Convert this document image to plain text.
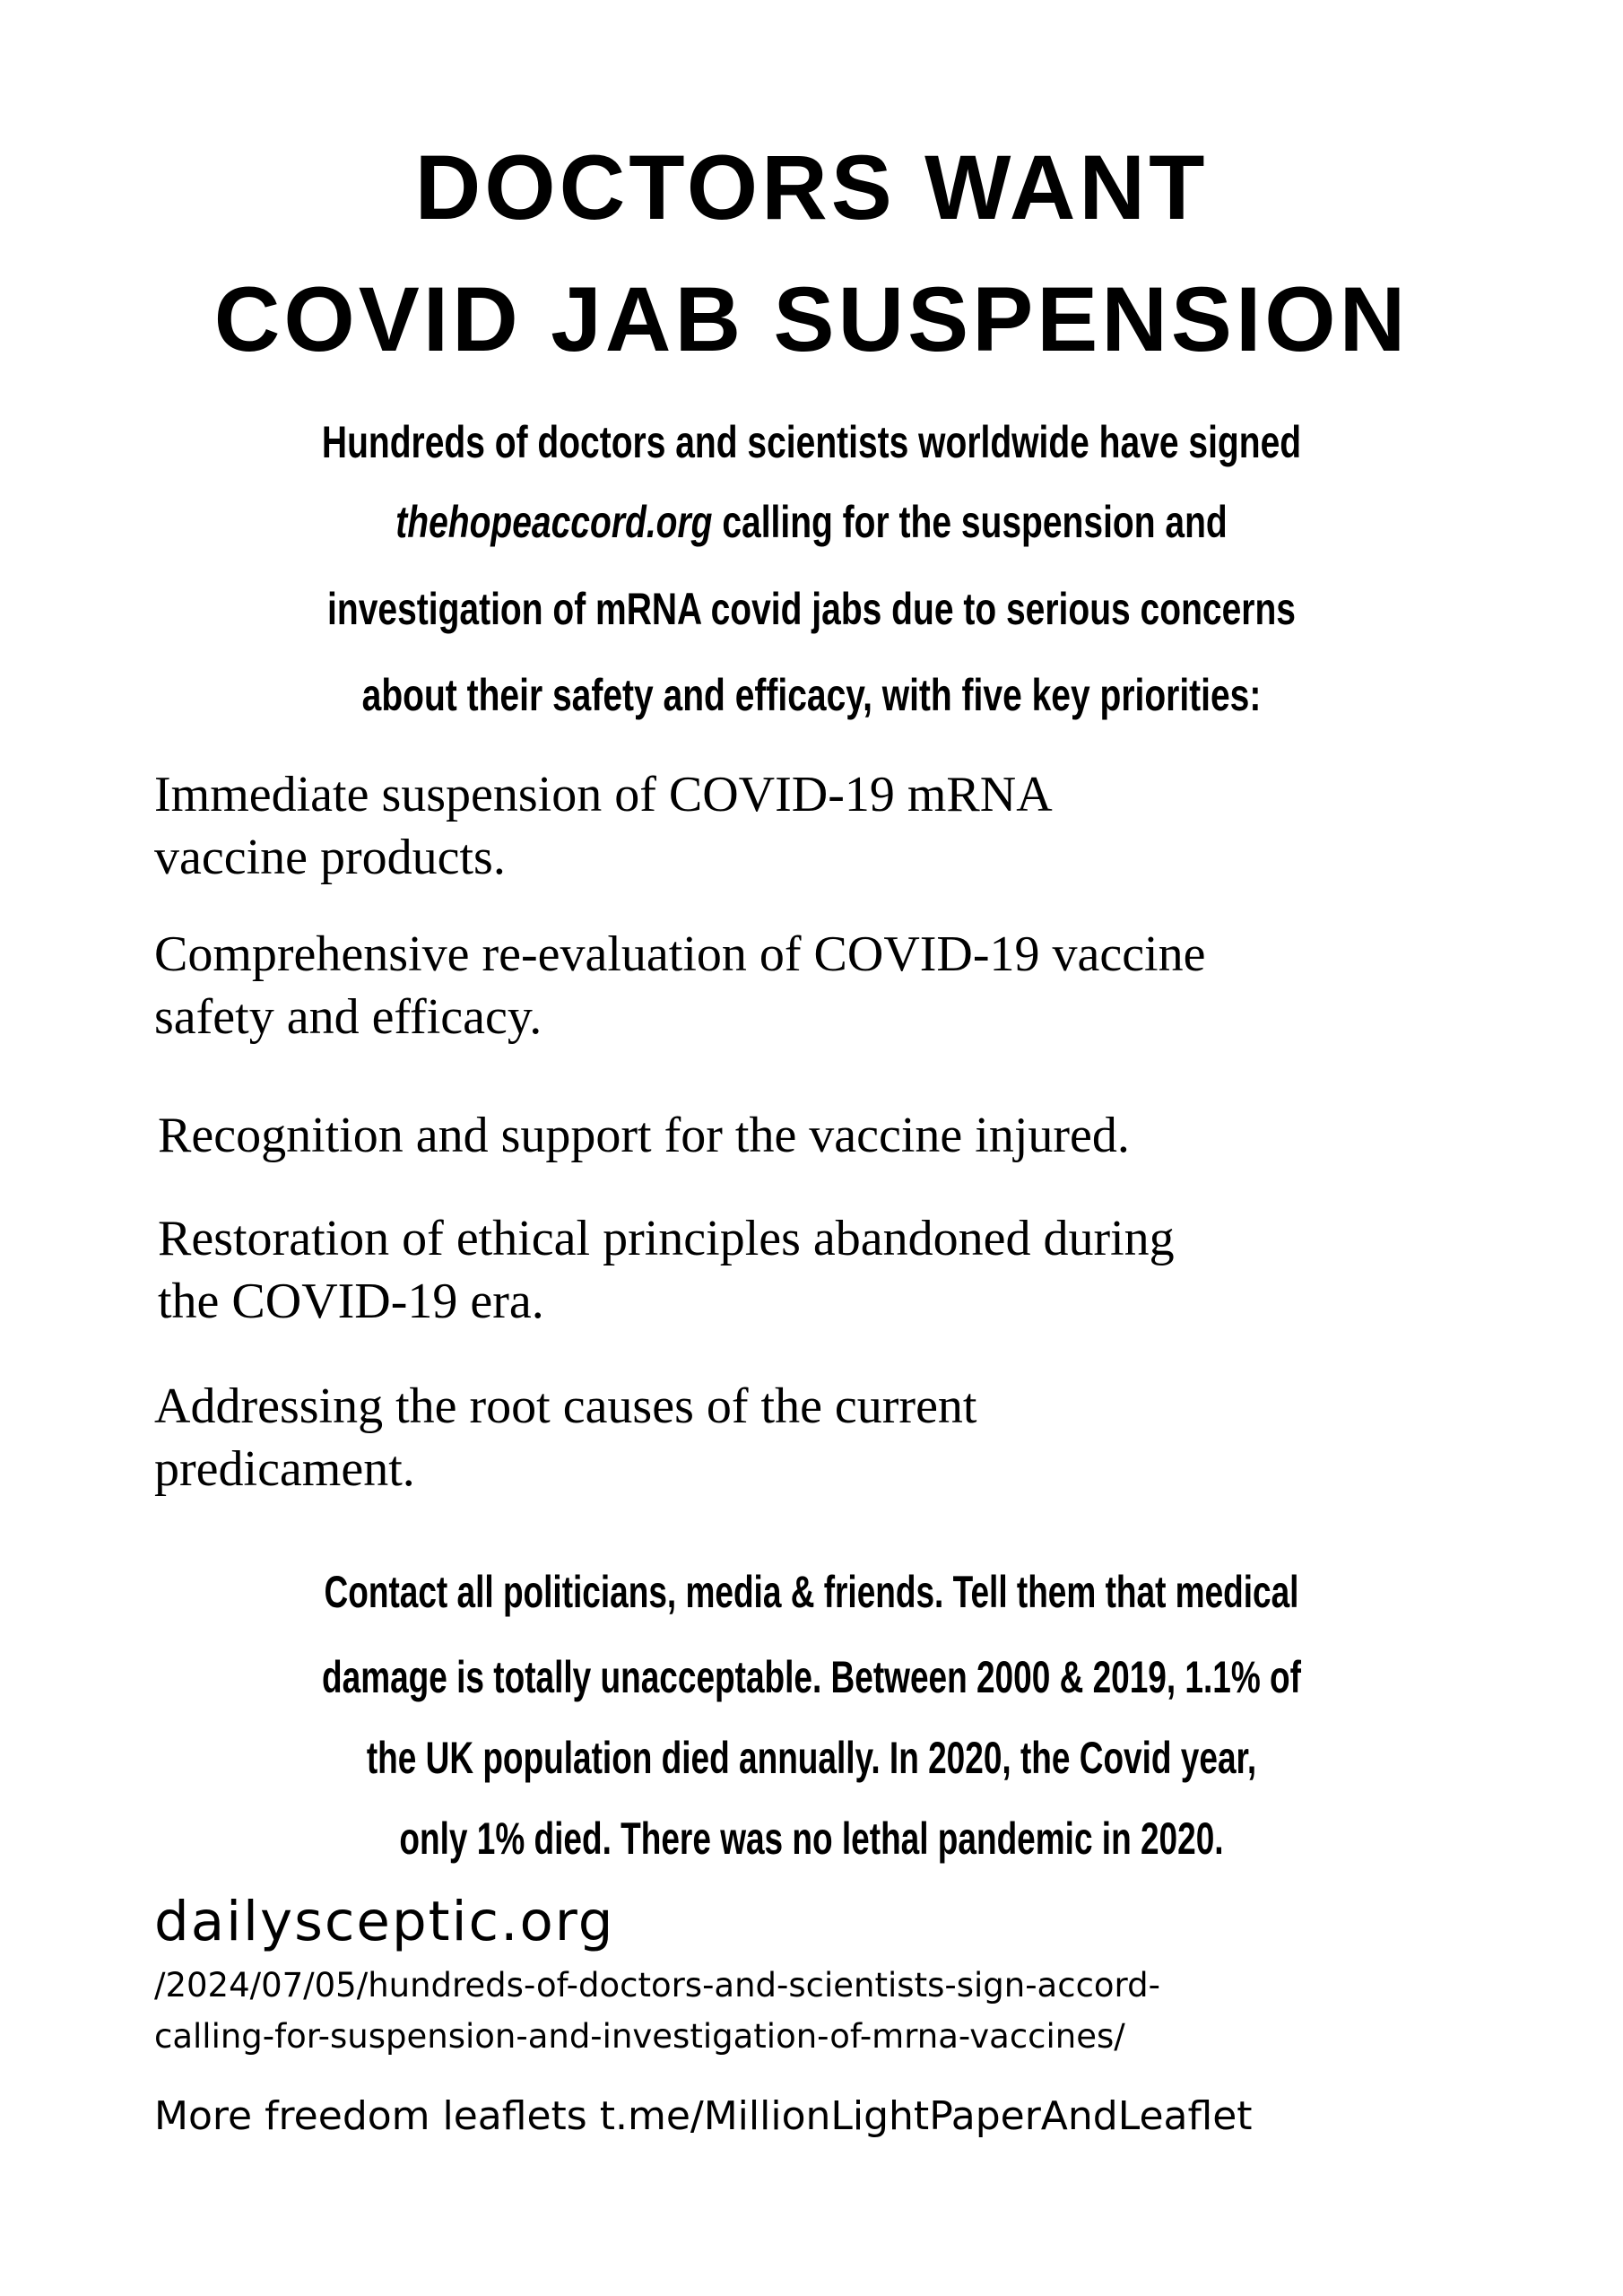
DOCTORS WANT
COVID JAB SUSPENSION

Hundreds of doctors and scientists worldwide have signed

thehopeaccord.org calling for the suspension and

investigation of mRNA covid jabs due to serious concerns

about their safety and efficacy, with five key priorities:

Immediate suspension of COVID-19 mRNA

vaccine products.

Comprehensive re-evaluation of COVID-19 vaccine

safety and efficacy.

Recognition and support for the vaccine injured.

Restoration of ethical principles abandoned during

the COVID-19 era.

Addressing the root causes of the current

predicament.

Contact all politicians, media & friends. Tell them that medical

damage is totally unacceptable. Between 2000 & 2019, 1.1% of

the UK population died annually. In 2020, the Covid year,

only 1% died. There was no lethal pandemic in 2020.

dailysceptic.org

/2024/07/05/hundreds-of-doctors-and-scientists-sign-accord-

calling-for-suspension-and-investigation-of-mrna-vaccines/

More freedom leaflets t.me/MillionLightPaperAndLeaflet
